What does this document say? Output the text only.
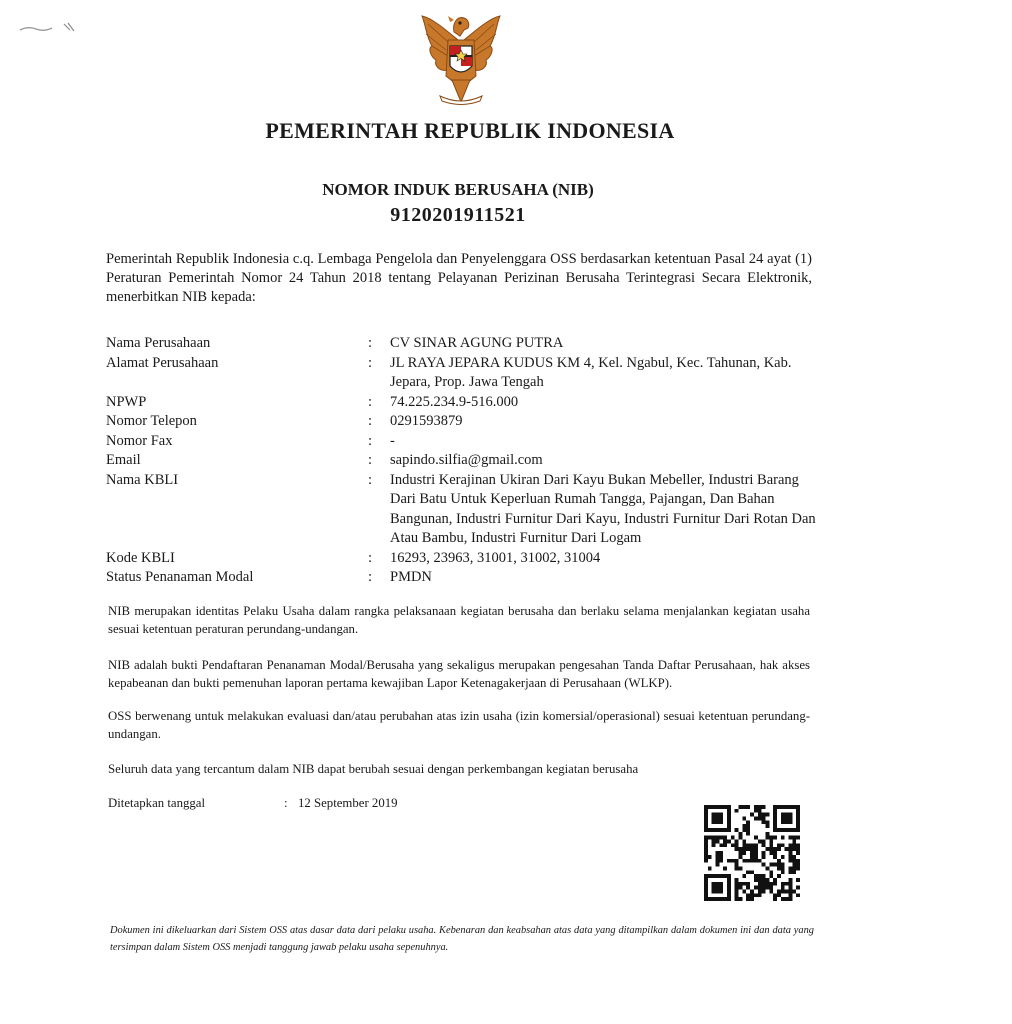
PEMERINTAH REPUBLIK INDONESIA
NOMOR INDUK BERUSAHA (NIB)
9120201911521
Pemerintah Republik Indonesia c.q. Lembaga Pengelola dan Penyelenggara OSS berdasarkan ketentuan Pasal 24 ayat (1) Peraturan Pemerintah Nomor 24 Tahun 2018 tentang Pelayanan Perizinan Berusaha Terintegrasi Secara Elektronik, menerbitkan NIB kepada:
Nama Perusahaan	:	CV SINAR AGUNG PUTRA
Alamat Perusahaan	:	JL RAYA JEPARA KUDUS KM 4, Kel. Ngabul, Kec. Tahunan, Kab. Jepara, Prop. Jawa Tengah
NPWP	:	74.225.234.9-516.000
Nomor Telepon	:	0291593879
Nomor Fax	:	-
Email	:	sapindo.silfia@gmail.com
Nama KBLI	:	Industri Kerajinan Ukiran Dari Kayu Bukan Mebeller, Industri Barang Dari Batu Untuk Keperluan Rumah Tangga, Pajangan, Dan Bahan Bangunan, Industri Furnitur Dari Kayu, Industri Furnitur Dari Rotan Dan Atau Bambu, Industri Furnitur Dari Logam
Kode KBLI	:	16293, 23963, 31001, 31002, 31004
Status Penanaman Modal	:	PMDN
NIB merupakan identitas Pelaku Usaha dalam rangka pelaksanaan kegiatan berusaha dan berlaku selama menjalankan kegiatan usaha sesuai ketentuan peraturan perundang-undangan.
NIB adalah bukti Pendaftaran Penanaman Modal/Berusaha yang sekaligus merupakan pengesahan Tanda Daftar Perusahaan, hak akses kepabeanan dan bukti pemenuhan laporan pertama kewajiban Lapor Ketenagakerjaan di Perusahaan (WLKP).
OSS berwenang untuk melakukan evaluasi dan/atau perubahan atas izin usaha (izin komersial/operasional) sesuai ketentuan perundang-undangan.
Seluruh data yang tercantum dalam NIB dapat berubah sesuai dengan perkembangan kegiatan berusaha
Ditetapkan tanggal	: 12 September 2019
Dokumen ini dikeluarkan dari Sistem OSS atas dasar data dari pelaku usaha. Kebenaran dan keabsahan atas data yang ditampilkan dalam dokumen ini dan data yang tersimpan dalam Sistem OSS menjadi tanggung jawab pelaku usaha sepenuhnya.
